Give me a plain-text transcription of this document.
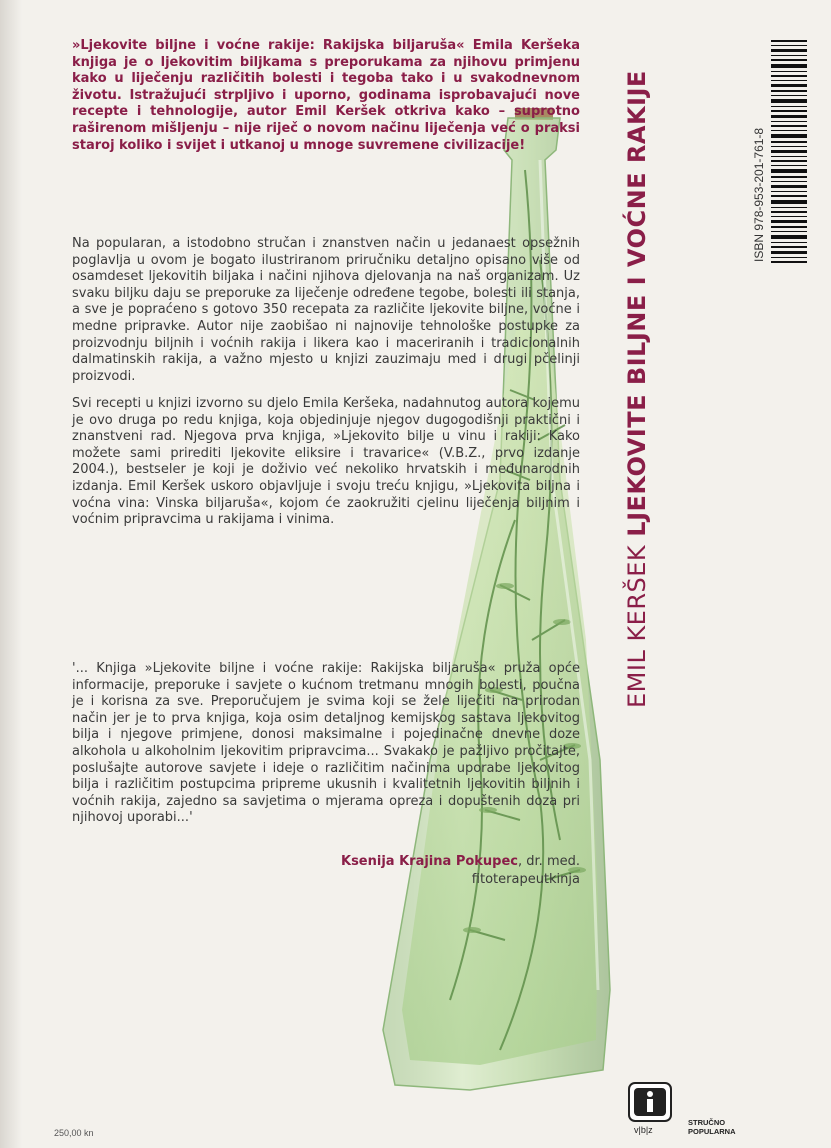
»Ljekovite biljne i voćne rakije: Rakijska biljaruša« Emila Keršeka knjiga je o ljekovitim biljkama s preporukama za njihovu primjenu kako u liječenju različitih bolesti i tegoba tako i u svakodnevnom životu. Istražujući strpljivo i uporno, godinama isprobavajući nove recepte i tehnologije, autor Emil Keršek otkriva kako – suprotno raširenom mišljenju – nije riječ o novom načinu liječenja već o praksi staroj koliko i svijet i utkanoj u mnoge suvremene civilizacije!
Na popularan, a istodobno stručan i znanstven način u jedanaest opsežnih poglavlja u ovom je bogato ilustriranom priručniku detaljno opisano više od osamdeset ljekovitih biljaka i načini njihova djelovanja na naš organizam. Uz svaku biljku daju se preporuke za liječenje određene tegobe, bolesti ili stanja, a sve je popraćeno s gotovo 350 recepata za različite ljekovite biljne, voćne i medne pripravke. Autor nije zaobišao ni najnovije tehnološke postupke za proizvodnju biljnih i voćnih rakija i likera kao i maceriranih i tradicionalnih dalmatinskih rakija, a važno mjesto u knjizi zauzimaju med i drugi pčelinji proizvodi.
Svi recepti u knjizi izvorno su djelo Emila Keršeka, nadahnutog autora kojemu je ovo druga po redu knjiga, koja objedinjuje njegov dugogodišnji praktični i znanstveni rad. Njegova prva knjiga, »Ljekovito bilje u vinu i rakiji: Kako možete sami prirediti ljekovite eliksire i travarice« (V.B.Z., prvo izdanje 2004.), bestseler je koji je doživio već nekoliko hrvatskih i međunarodnih izdanja. Emil Keršek uskoro objavljuje i svoju treću knjigu, »Ljekovita biljna i voćna vina: Vinska biljaruša«, kojom će zaokružiti cjelinu liječenja biljnim i voćnim pripravcima u rakijama i vinima.
'... Knjiga »Ljekovite biljne i voćne rakije: Rakijska biljaruša« pruža opće informacije, preporuke i savjete o kućnom tretmanu mnogih bolesti, poučna je i korisna za sve. Preporučujem je svima koji se žele liječiti na prirodan način jer je to prva knjiga, koja osim detaljnog kemijskog sastava ljekovitog bilja i njegove primjene, donosi maksimalne i pojedinačne dnevne doze alkohola u alkoholnim ljekovitim pripravcima... Svakako je pažljivo pročitajte, poslušajte autorove savjete i ideje o različitim načinima uporabe ljekovitog bilja i različitim postupcima pripreme ukusnih i kvalitetnih ljekovitih biljnih i voćnih rakija, zajedno sa savjetima o mjerama opreza i dopuštenih doza pri njihovoj uporabi...'
Ksenija Krajina Pokupec, dr. med.
fitoterapeutkinja
EMIL KERŠEK LJEKOVITE BILJNE I VOĆNE RAKIJE	ISBN 978-953-201-761-8
250,00 kn	v|b|z
STRUČNO
POPULARNA
